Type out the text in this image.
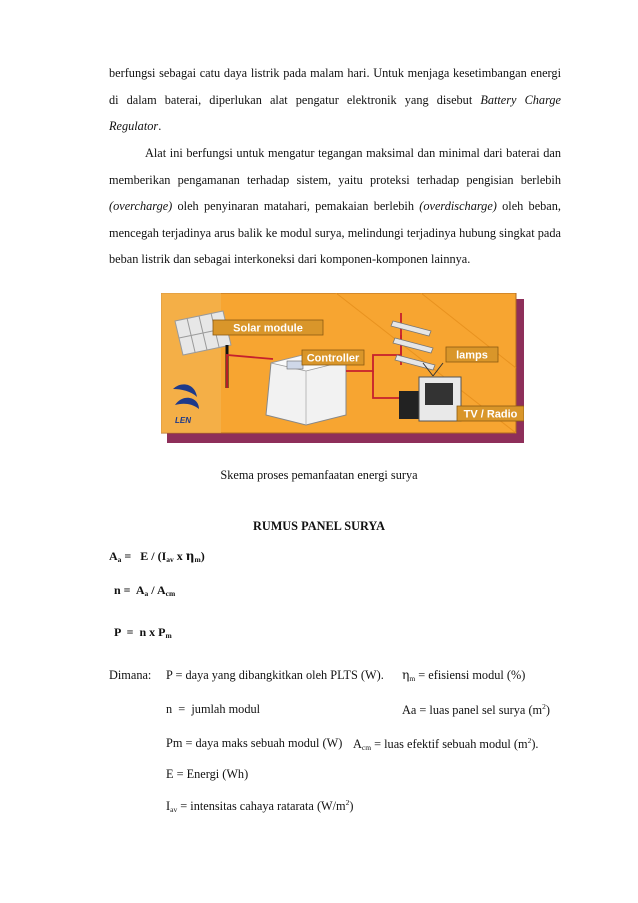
berfungsi sebagai catu daya listrik pada malam hari. Untuk menjaga kesetimbangan energi di dalam baterai, diperlukan alat pengatur elektronik yang disebut Battery Charge Regulator.

Alat ini berfungsi untuk mengatur tegangan maksimal dan minimal dari baterai dan memberikan pengamanan terhadap sistem, yaitu proteksi terhadap pengisian berlebih (overcharge) oleh penyinaran matahari, pemakaian berlebih (overdischarge) oleh beban, mencegah terjadinya arus balik ke modul surya, melindungi terjadinya hubung singkat pada beban listrik dan sebagai interkoneksi dari komponen-komponen lainnya.

Solar module
Controller	lamps
TV / Radio
LEN
Skema proses pemanfaatan energi surya
RUMUS PANEL SURYA
$A_a = E / (I_{av}$ x $\eta_m$)
$n = A_a / A_{cm}$
P  =  n x $P_m$
Dimana: P = daya yang dibangkitkan oleh PLTS (W). $\eta_m$ = efisiensi modul (%)
n  =  jumlah modul	Aa = luas panel sel surya $(m^2)$
Pm = daya maks sebuah modul (W) $A_{cm}$ = luas efektif sebuah modul $(m^2)$.
E = Energi (Wh)
$I_{av}$ = intensitas cahaya ratarata $(W/m^2)$
